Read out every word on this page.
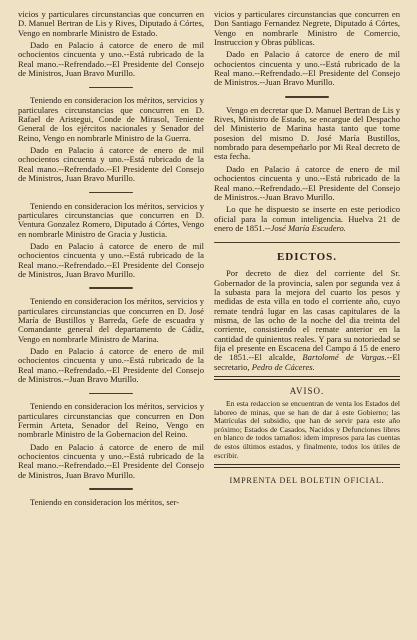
vicios y particulares circunstancias que concurren en D. Manuel Bertran de Lis y Rives, Diputado á Córtes, Vengo en nombrarle Ministro de Estado.

Dado en Palacio á catorce de enero de mil ochocientos cincuenta y uno.--Está rubricado de la Real mano.--Refrendado.--El Presidente del Consejo de Ministros, Juan Bravo Murillo.

Teniendo en consideracion los méritos, servicios y particulares circunstancias que concurren en D. Rafael de Aristegui, Conde de Mirasol, Teniente General de los ejércitos nacionales y Senador del Reino, Vengo en nombrarle Ministro de la Guerra.

Dado en Palacio á catorce de enero de mil ochocientos cincuenta y uno.--Está rubricado de la Real mano.--Refrendado.--El Presidente del Consejo de Ministros, Juan Bravo Murillo.

Teniendo en consideracion los méritos, servicios y particulares circunstancias que concurren en D. Ventura Gonzalez Romero, Diputado á Córtes, Vengo en nombrarle Ministro de Gracia y Justicia.

Dado en Palacio á catorce de enero de mil ochocientos cincuenta y uno.--Está rubricado de la Real mano.--Refrendado.--El Presidente del Consejo de Ministros, Juan Bravo Murillo.

Teniendo en consideracion los méritos, servicios y particulares circunstancias que concurren en D. José María de Bustillos y Barreda, Gefe de escuadra y Comandante general del departamento de Cádiz, Vengo en nombrarle Ministro de Marina.

Dado en Palacio á catorce de enero de mil ochocientos cincuenta y uno.--Está rubricado de la Real mano.--Refrendado.--El Presidente del Consejo de Ministros.--Juan Bravo Murillo.

Teniendo en consideracion los méritos, servicios y particulares circunstancias que concurren en Don Fermin Arteta, Senador del Reino, Vengo en nombrarle Ministro de la Gobernacion del Reino.

Dado en Palacio á catorce de enero de mil ochocientos cincuenta y uno.--Está rubricado de la Real mano.--Refrendado.--El Presidente del Consejo de Ministros, Juan Bravo Murillo.

Teniendo en consideracion los méritos, ser-

vicios y particulares circunstancias que concurren en Don Santiago Fernandez Negrete, Diputado á Córtes, Vengo en nombrarle Ministro de Comercio, Instruccion y Obras públicas.

Dado en Palacio á catorce de enero de mil ochocientos cincuenta y uno.--Está rubricado de la Real mano.--Refrendado.--El Presidente del Consejo de Ministros.--Juan Bravo Murillo.

Vengo en decretar que D. Manuel Bertran de Lis y Rives, Ministro de Estado, se encargue del Despacho del Ministerio de Marina hasta tanto que tome posesion del mismo D. José María Bustillos, nombrado para desempeñarlo por Mi Real decreto de esta fecha.

Dado en Palacio á catorce de enero de mil ochocientos cincuenta y uno.--Está rubricado de la Real mano.--Refrendado.--El Presidente del Consejo de Ministros.--Juan Bravo Murillo.

Lo que he dispuesto se inserte en este periodico oficial para la comun inteligencia. Huelva 21 de enero de 1851.--José María Escudero.

EDICTOS.

Por decreto de diez del corriente del Sr. Gobernador de la provincia, salen por segunda vez á la subasta para la mejora del cuarto los pesos y medidas de esta villa en todo el corriente año, cuyo remate tendrá lugar en las casas capitulares de la misma, de las ocho de la noche del dia treinta del corriente, consistiendo el remate anterior en la cantidad de quinientos reales. Y para su notoriedad se fija el presente en Escacena del Campo á 15 de enero de 1851.--El alcalde, Bartolomé de Vargas.--El secretario, Pedro de Cáceres.

AVISO.

En esta redaccion se encuentran de venta los Estados del laboreo de minas, que se han de dar á este Gobierno; las Matrículas del subsidio, que han de servir para este año próximo; Estados de Casados, Nacidos y Defunciones libres en blanco de todos tamaños: idem impresos para las cuentas de estos últimos estados, y finalmente, todos los útiles de escribir.

IMPRENTA DEL BOLETIN OFICIAL.
